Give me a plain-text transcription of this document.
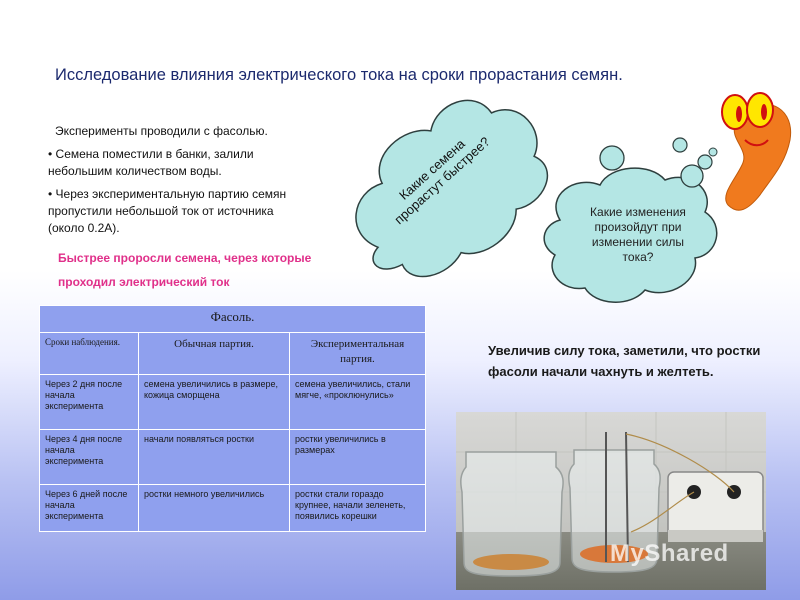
Исследование влияния электрического тока на сроки прорастания семян.
Эксперименты проводили с фасолью.
• Семена поместили в банки, залили небольшим количеством воды.
• Через экспериментальную партию семян пропустили небольшой ток от источника (около 0.2А).
Быстрее проросли семена, через которые проходил электрический ток
Какие семена прорастут быстрее?	Какие изменения произойдут при изменении силы тока?
Фасоль.		
Сроки наблюдения.	Обычная партия.	Экспериментальная партия.
Через 2 дня после начала эксперимента	семена увеличились в размере, кожица сморщена	семена увеличились, стали мягче, «проклюнулись»
Через 4 дня после начала эксперимента	начали появляться ростки	ростки увеличились в размерах
Через 6 дней после начала эксперимента	ростки немного увеличились	ростки стали гораздо крупнее, начали зеленеть, появились корешки
Увеличив силу тока, заметили, что ростки фасоли начали чахнуть и желтеть.
MyShared
